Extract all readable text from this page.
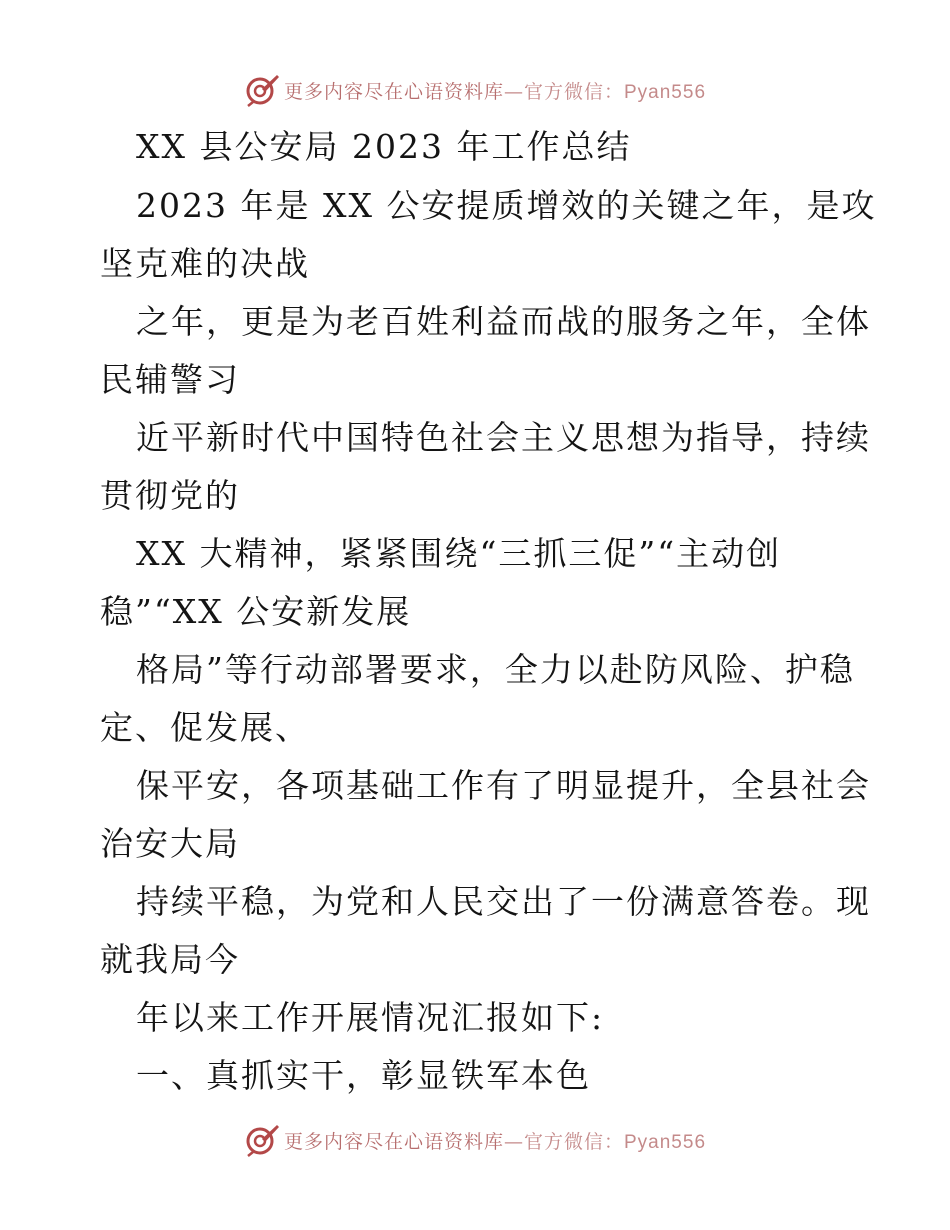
更多内容尽在心语资料库—官方微信：Pyan556
XX 县公安局 2023 年工作总结
2023 年是 XX 公安提质增效的关键之年，是攻
坚克难的决战
之年，更是为老百姓利益而战的服务之年，全体
民辅警习
近平新时代中国特色社会主义思想为指导，持续
贯彻党的
XX 大精神，紧紧围绕“三抓三促”“主动创
稳”“XX 公安新发展
格局”等行动部署要求，全力以赴防风险、护稳
定、促发展、
保平安，各项基础工作有了明显提升，全县社会
治安大局
持续平稳，为党和人民交出了一份满意答卷。现
就我局今
年以来工作开展情况汇报如下:
一、真抓实干，彰显铁军本色
更多内容尽在心语资料库—官方微信：Pyan556
